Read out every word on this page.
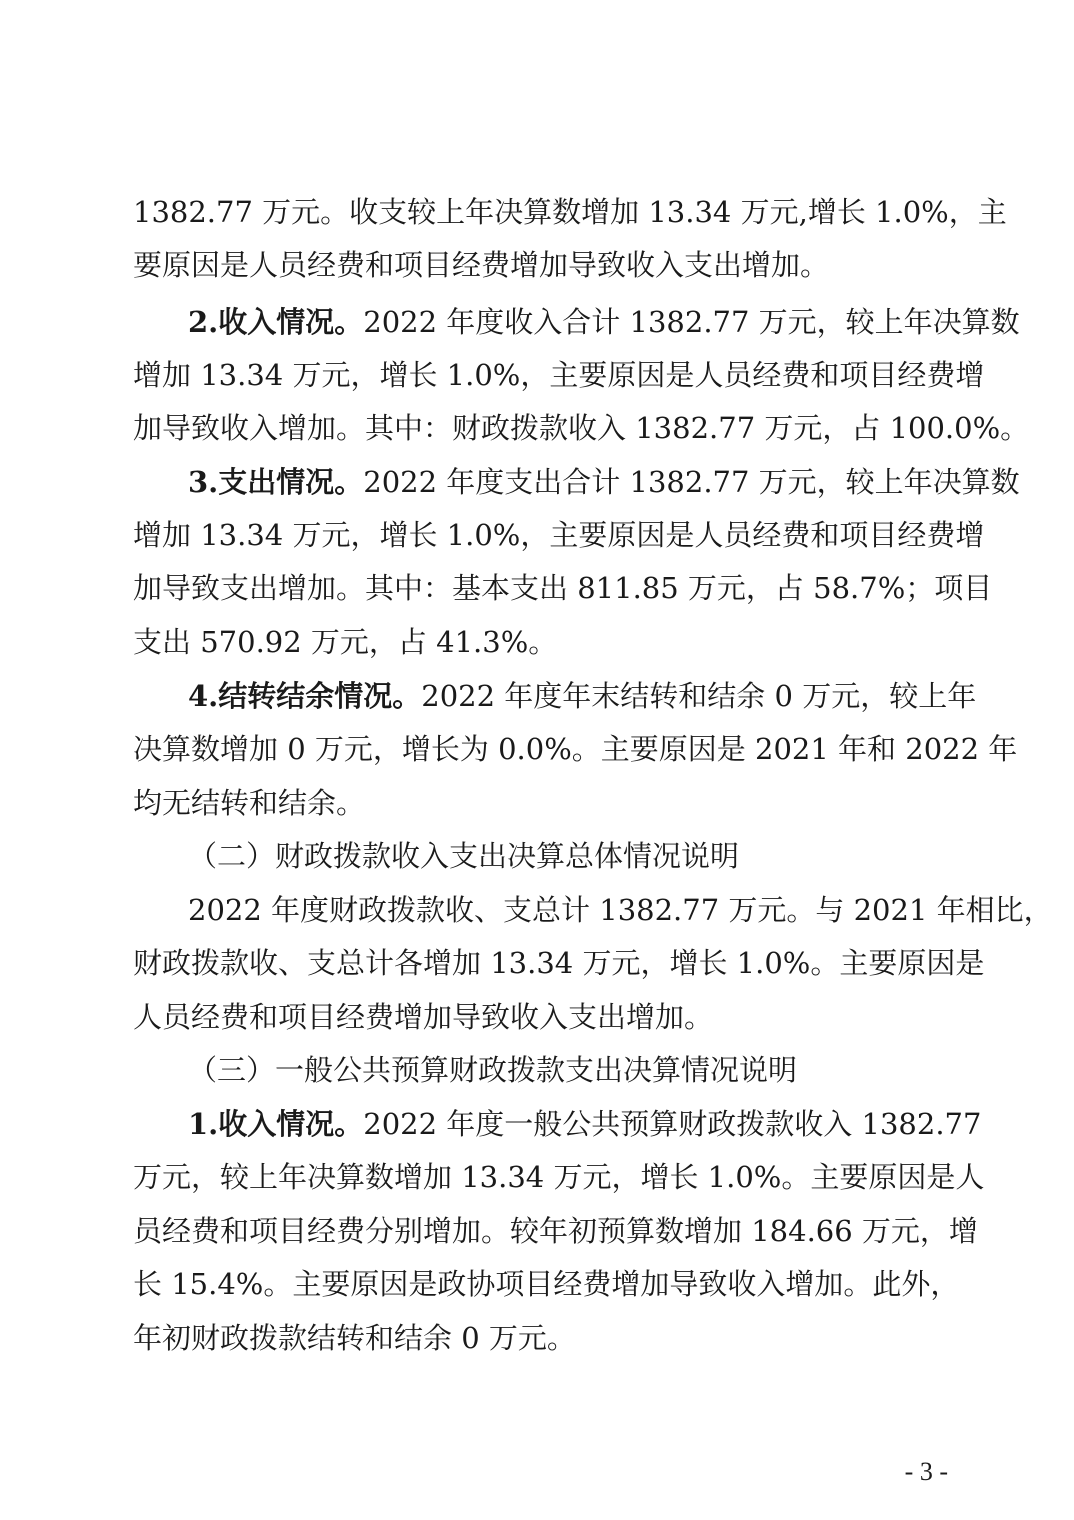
1382.77 万元。收支较上年决算数增加 13.34 万元,增长 1.0%，主
要原因是人员经费和项目经费增加导致收入支出增加。
2.收入情况。2022 年度收入合计 1382.77 万元，较上年决算数
增加 13.34 万元，增长 1.0%，主要原因是人员经费和项目经费增
加导致收入增加。其中：财政拨款收入 1382.77 万元，占 100.0%。
3.支出情况。2022 年度支出合计 1382.77 万元，较上年决算数
增加 13.34 万元，增长 1.0%，主要原因是人员经费和项目经费增
加导致支出增加。其中：基本支出 811.85 万元，占 58.7%；项目
支出 570.92 万元，占 41.3%。
4.结转结余情况。2022 年度年末结转和结余 0 万元，较上年
决算数增加 0 万元，增长为 0.0%。主要原因是 2021 年和 2022 年
均无结转和结余。
（二）财政拨款收入支出决算总体情况说明
2022 年度财政拨款收、支总计 1382.77 万元。与 2021 年相比，
财政拨款收、支总计各增加 13.34 万元，增长 1.0%。主要原因是
人员经费和项目经费增加导致收入支出增加。
（三）一般公共预算财政拨款支出决算情况说明
1.收入情况。2022 年度一般公共预算财政拨款收入 1382.77
万元，较上年决算数增加 13.34 万元，增长 1.0%。主要原因是人
员经费和项目经费分别增加。较年初预算数增加 184.66 万元，增
长 15.4%。主要原因是政协项目经费增加导致收入增加。此外，
年初财政拨款结转和结余 0 万元。
- 3 -
